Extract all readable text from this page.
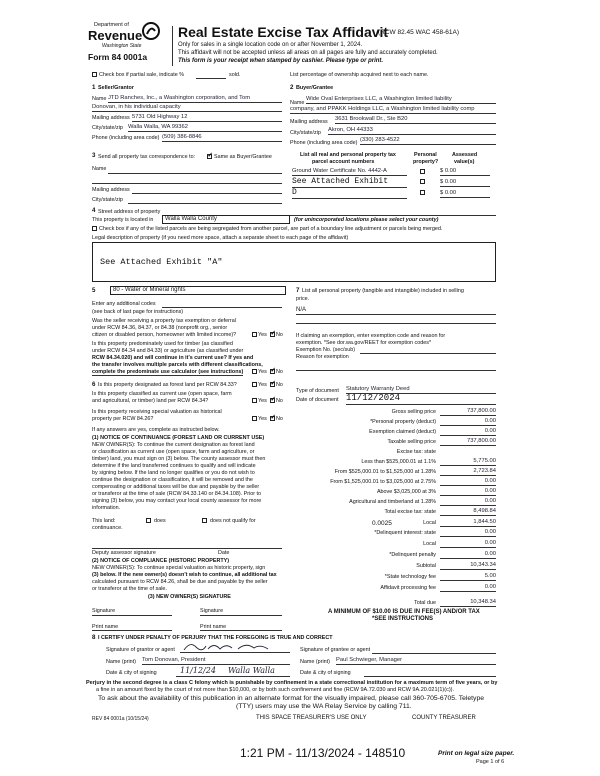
Department of
Revenue
Washington State
Form 84 0001a
Real Estate Excise Tax Affidavit
(RCW 82.45 WAC 458-61A)
Only for sales in a single location code on or after November 1, 2024.
This affidavit will not be accepted unless all areas on all pages are fully and accurately completed.
This form is your receipt when stamped by cashier. Please type or print.
Check box if partial sale, indicate %	sold.	List percentage of ownership acquired next to each name.
1 Seller/Grantor
Name JTD Ranches, Inc., a Washington corporation, and Tom
Donovan, in his individual capacity
Mailing address 5731 Old Highway 12
City/state/zip Walla Walla, WA 99362
Phone (including area code) (509) 386-8846
2 Buyer/Grantee
Name
Wide Oval Enterprises LLC, a Washington limited liability
company, and PPAKK Holdings LLC, a Washington limited liability comp
Mailing address 3631 Brookwall Dr., Ste B20
City/state/zip Akron, OH 44333
Phone (including area code) (330) 283-4522
3 Send all property tax correspondence to: ✓	Same as Buyer/Grantee
Name
Mailing address
City/state/zip
List all real and personal property tax
parcel account numbers
Personal
property?
Assessed
value(s)
Ground Water Certificate No. 4442-A	$ 0.00
See Attached Exhibit	$ 0.00
D	$ 0.00
4 Street address of property
This property is located in	Walla Walla County	(for unincorporated locations please select your county)
Check box if any of the listed parcels are being segregated from another parcel, are part of a boundary line adjustment or parcels being merged.
Legal description of property (if you need more space, attach a separate sheet to each page of the affidavit)
See Attached Exhibit "A"
5	80 - Water or Mineral rights
Enter any additional codes
(see back of last page for instructions)
Was the seller receiving a property tax exemption or deferral
under RCW 84.36, 84.37, or 84.38 (nonprofit org., senior
citizen or disabled person, homeowner with limited income)?	Yes ✓ No
Is this property predominately used for timber (as classified
under RCW 84.34 and 84.33) or agriculture (as classified under
RCW 84.34.020) and will continue in it's current use? If yes and
the transfer involves multiple parcels with different classifications,
complete the predominate use calculator (see instructions)	Yes ✓ No
6 Is this property designated as forest land per RCW 84.33?	Yes ✓ No
Is this property classified as current use (open space, farm
and agricultural, or timber) land per RCW 84.34?	Yes ✓ No
Is this property receiving special valuation as historical
property per RCW 84.26?	Yes ✓ No
If any answers are yes, complete as instructed below.
(1) NOTICE OF CONTINUANCE (FOREST LAND OR CURRENT USE)
NEW OWNER(S): To continue the current designation as forest land
or classification as current use (open space, farm and agriculture, or
timber) land, you must sign on (3) below. The county assessor must then
determine if the land transferred continues to qualify and will indicate
by signing below. If the land no longer qualifies or you do not wish to
continue the designation or classification, it will be removed and the
compensating or additional taxes will be due and payable by the seller
or transferor at the time of sale (RCW 84.33.140 or 84.34.108). Prior to
signing (3) below, you may contact your local county assessor for more
information.
This land:	does	does not qualify for
continuance.
Deputy assessor signature	Date
(2) NOTICE OF COMPLIANCE (HISTORIC PROPERTY)
NEW OWNER(S): To continue special valuation as historic property, sign
(3) below. If the new owner(s) doesn't wish to continue, all additional tax
calculated pursuant to RCW 84.26, shall be due and payable by the seller
or transferor at the time of sale.
(3) NEW OWNER(S) SIGNATURE
Signature	Signature
Print name	Print name
7 List all personal property (tangible and intangible) included in selling
price.
N/A
If claiming an exemption, enter exemption code and reason for
exemption. *See dor.wa.gov/REET for exemption codes*
Exemption No. (sec/sub)
Reason for exemption
Type of document Statutory Warranty Deed
Date of document 11/12/2024
Gross selling price	737,800.00
*Personal property (deduct)	0.00
Exemption claimed (deduct)	0.00
Taxable selling price	737,800.00
Excise tax: state
Less than $525,000.01 at 1.1%	5,775.00
From $525,000.01 to $1,525,000 at 1.28%	2,723.84
From $1,525,000.01 to $3,025,000 at 2.75%	0.00
Above $3,025,000 at 3%	0.00
Agricultural and timberland at 1.28%	0.00
Total excise tax: state	8,498.84
0.0025	Local	1,844.50
*Delinquent interest: state	0.00
Local	0.00
*Delinquent penalty	0.00
Subtotal	10,343.34
*State technology fee	5.00
Affidavit processing fee	0.00
Total due	10,348.34
A MINIMUM OF $10.00 IS DUE IN FEE(S) AND/OR TAX
*SEE INSTRUCTIONS
8 I CERTIFY UNDER PENALTY OF PERJURY THAT THE FOREGOING IS TRUE AND CORRECT
Signature of grantor or agent	Signature of grantee or agent
Name (print) Tom Donovan, President	Name (print) Paul Schwieger, Manager
Date & city of signing	11/12/24 Walla Walla	Date & city of signing
Perjury in the second degree is a class C felony which is punishable by confinement in a state correctional institution for a maximum term of five years, or by
a fine in an amount fixed by the court of not more than $10,000, or by both such confinement and fine (RCW 9A.72.030 and RCW 9A.20.021(1)(c)).
To ask about the availability of this publication in an alternate format for the visually impaired, please call 360-705-6705. Teletype
(TTY) users may use the WA Relay Service by calling 711.
REV 84 0001a (10/15/24)	THIS SPACE TREASURER'S USE ONLY	COUNTY TREASURER
1:21 PM - 11/13/2024 - 148510	Print on legal size paper.
Page 1 of 6
